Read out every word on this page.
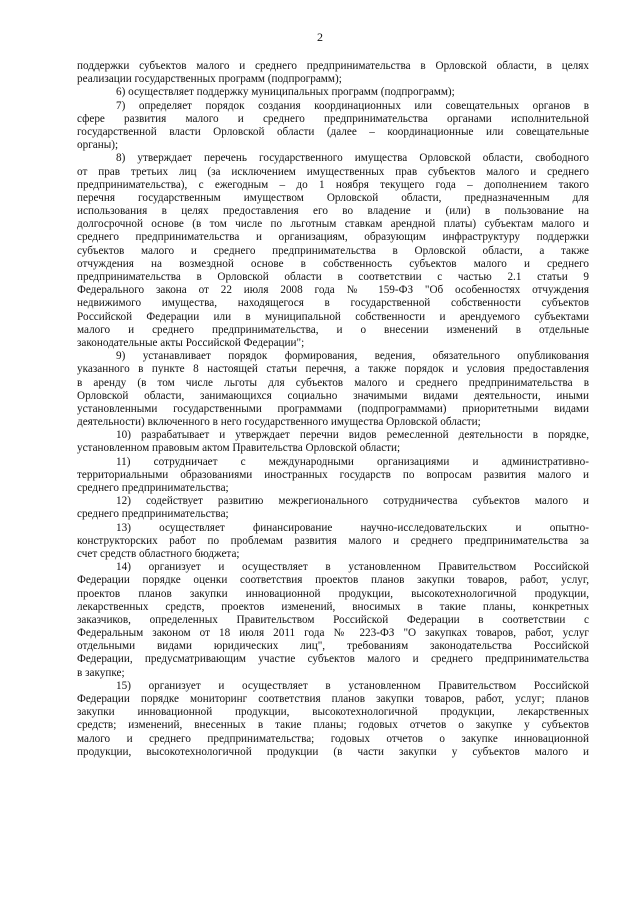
2
поддержки субъектов малого и среднего предпринимательства в Орловской области, в целях
реализации государственных программ (подпрограмм);
6) осуществляет поддержку муниципальных программ (подпрограмм);
7) определяет порядок создания координационных или совещательных органов в
сфере развития малого и среднего предпринимательства органами исполнительной
государственной власти Орловской области (далее – координационные или совещательные
органы);
8) утверждает перечень государственного имущества Орловской области, свободного
от прав третьих лиц (за исключением имущественных прав субъектов малого и среднего
предпринимательства), с ежегодным – до 1 ноября текущего года – дополнением такого
перечня государственным имуществом Орловской области, предназначенным для
использования в целях предоставления его во владение и (или) в пользование на
долгосрочной основе (в том числе по льготным ставкам арендной платы) субъектам малого и
среднего предпринимательства и организациям, образующим инфраструктуру поддержки
субъектов малого и среднего предпринимательства в Орловской области, а также
отчуждения на возмездной основе в собственность субъектов малого и среднего
предпринимательства в Орловской области в соответствии с частью 2.1 статьи 9
Федерального закона от 22 июля 2008 года № 159-ФЗ "Об особенностях отчуждения
недвижимого имущества, находящегося в государственной собственности субъектов
Российской Федерации или в муниципальной собственности и арендуемого субъектами
малого и среднего предпринимательства, и о внесении изменений в отдельные
законодательные акты Российской Федерации";
9) устанавливает порядок формирования, ведения, обязательного опубликования
указанного в пункте 8 настоящей статьи перечня, а также порядок и условия предоставления
в аренду (в том числе льготы для субъектов малого и среднего предпринимательства в
Орловской области, занимающихся социально значимыми видами деятельности, иными
установленными государственными программами (подпрограммами) приоритетными видами
деятельности) включенного в него государственного имущества Орловской области;
10) разрабатывает и утверждает перечни видов ремесленной деятельности в порядке,
установленном правовым актом Правительства Орловской области;
11) сотрудничает с международными организациями и административно-
территориальными образованиями иностранных государств по вопросам развития малого и
среднего предпринимательства;
12) содействует развитию межрегионального сотрудничества субъектов малого и
среднего предпринимательства;
13) осуществляет финансирование научно-исследовательских и опытно-
конструкторских работ по проблемам развития малого и среднего предпринимательства за
счет средств областного бюджета;
14) организует и осуществляет в установленном Правительством Российской
Федерации порядке оценки соответствия проектов планов закупки товаров, работ, услуг,
проектов планов закупки инновационной продукции, высокотехнологичной продукции,
лекарственных средств, проектов изменений, вносимых в такие планы, конкретных
заказчиков, определенных Правительством Российской Федерации в соответствии с
Федеральным законом от 18 июля 2011 года № 223-ФЗ "О закупках товаров, работ, услуг
отдельными видами юридических лиц", требованиям законодательства Российской
Федерации, предусматривающим участие субъектов малого и среднего предпринимательства
в закупке;
15) организует и осуществляет в установленном Правительством Российской
Федерации порядке мониторинг соответствия планов закупки товаров, работ, услуг; планов
закупки инновационной продукции, высокотехнологичной продукции, лекарственных
средств; изменений, внесенных в такие планы; годовых отчетов о закупке у субъектов
малого и среднего предпринимательства; годовых отчетов о закупке инновационной
продукции, высокотехнологичной продукции (в части закупки у субъектов малого и
